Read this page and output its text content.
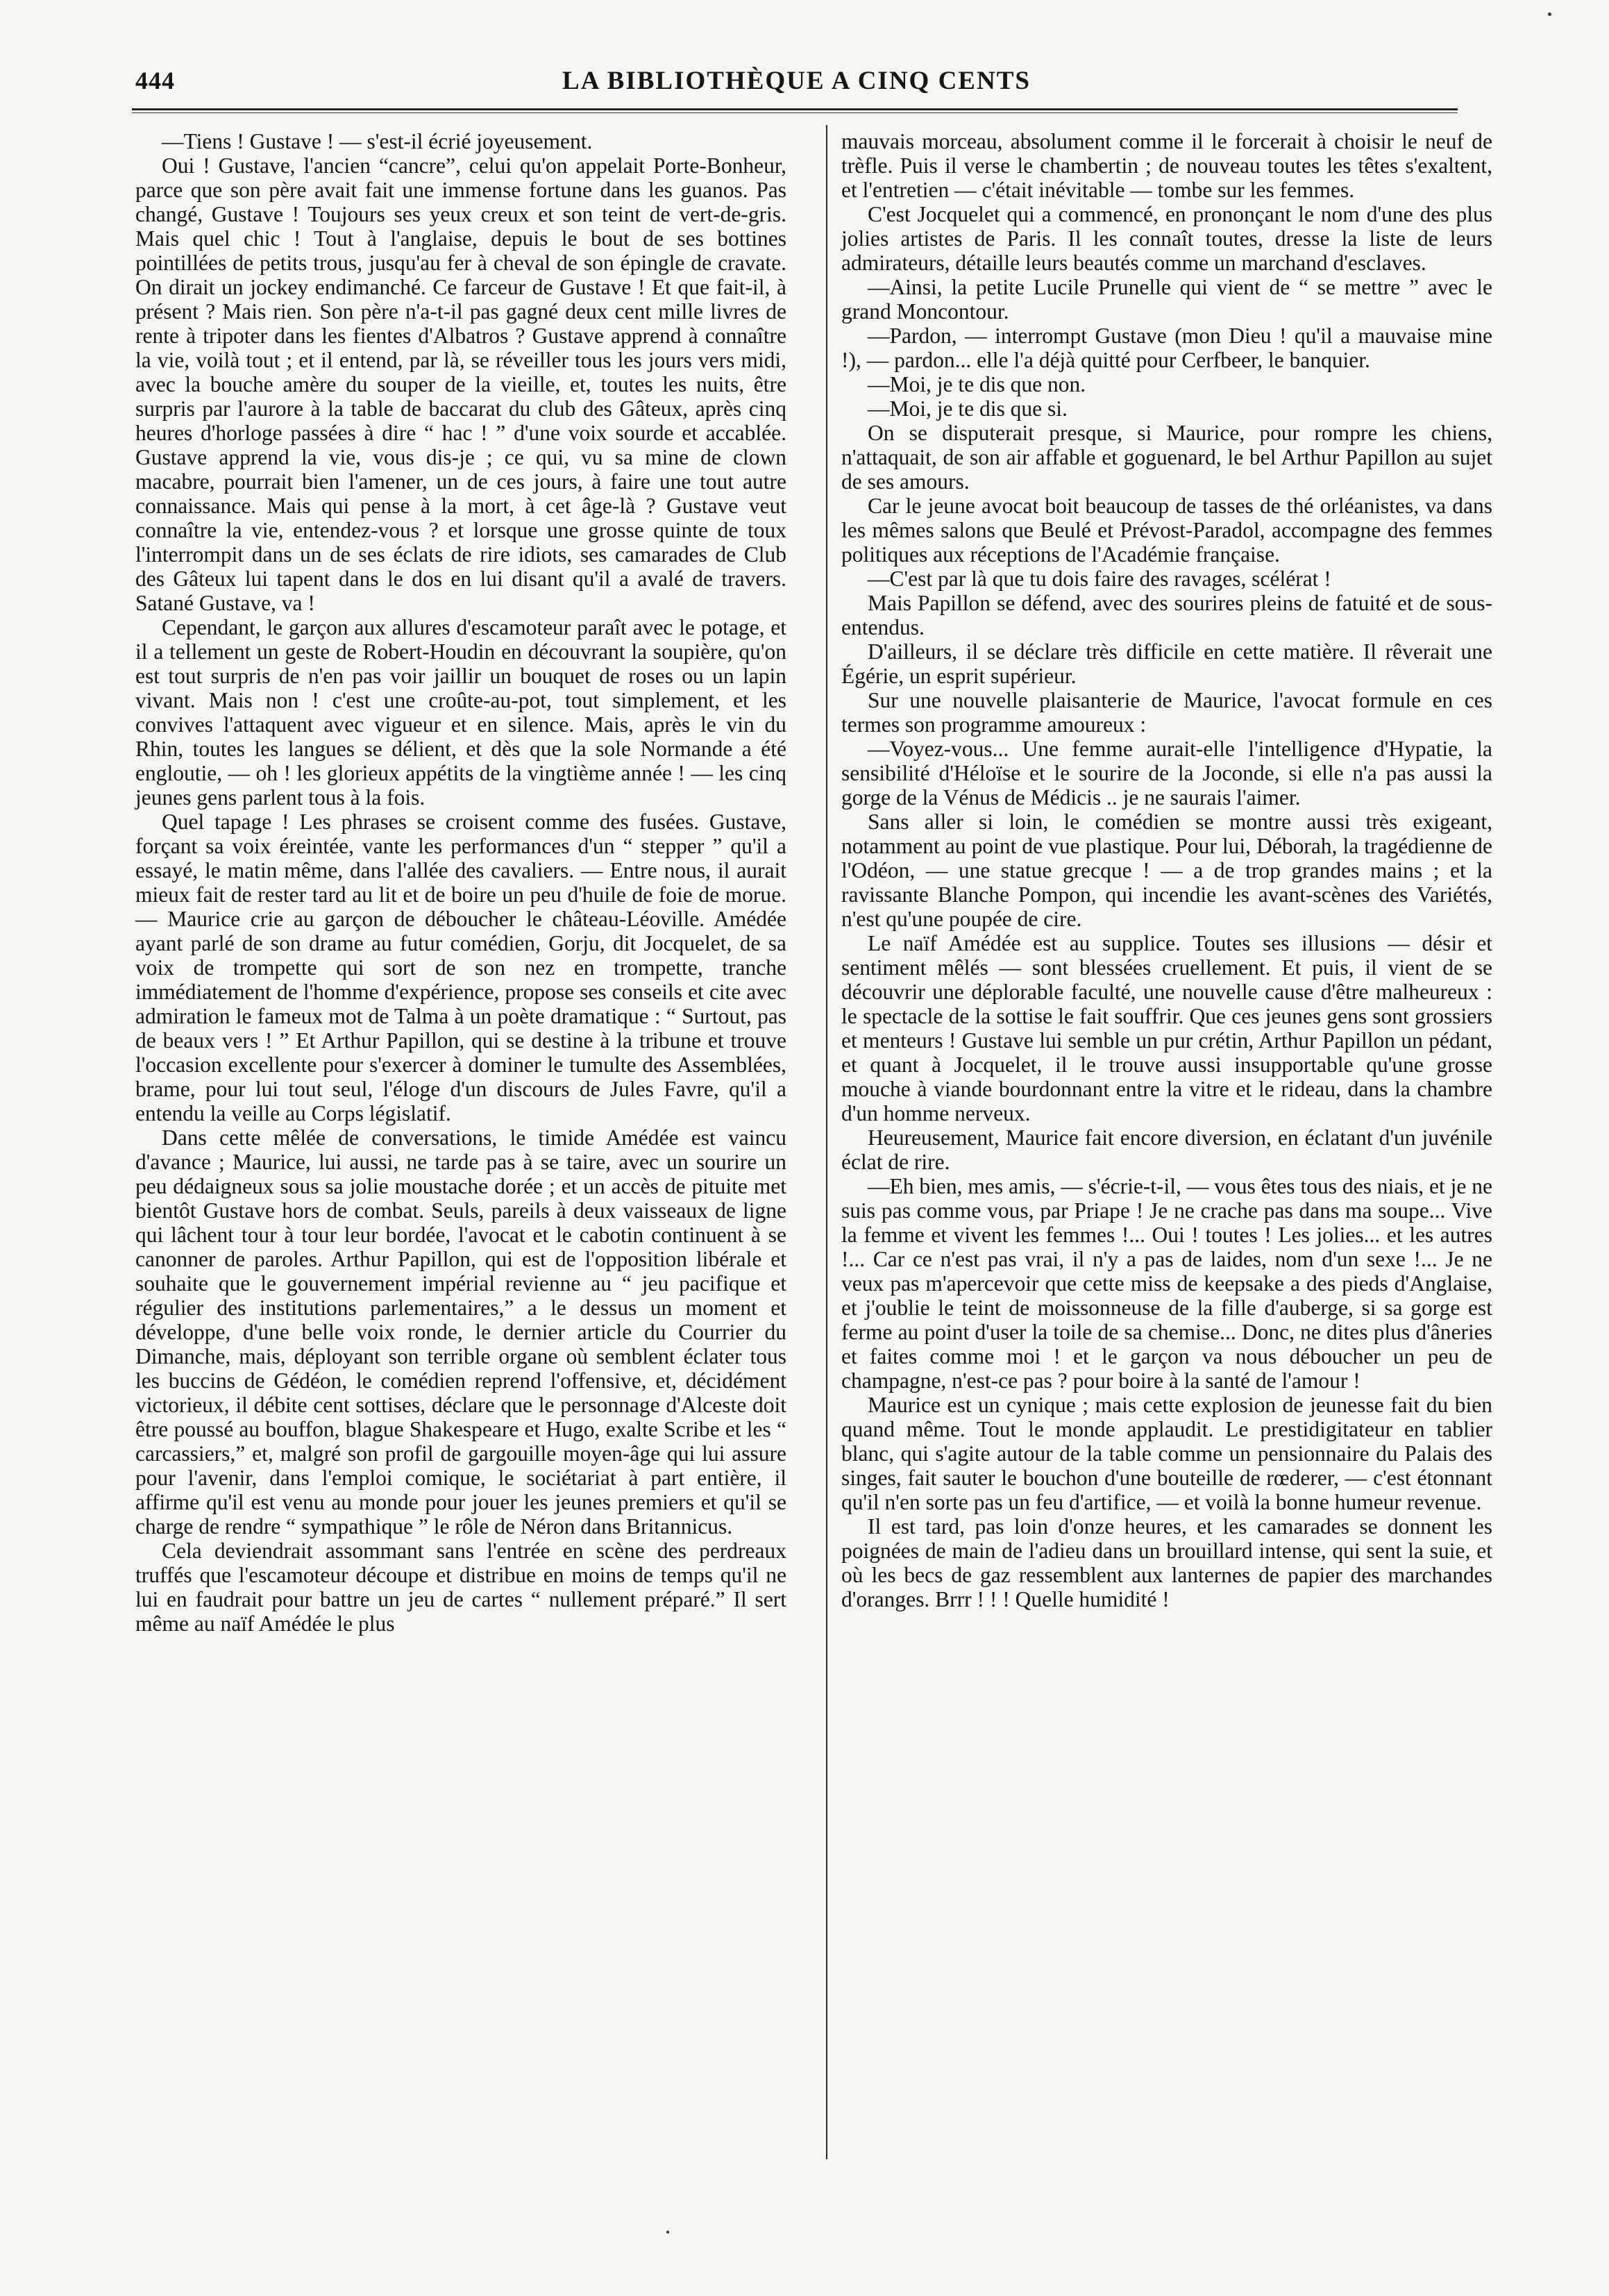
444	LA BIBLIOTHÈQUE A CINQ CENTS

—Tiens ! Gustave ! — s'est-il écrié joyeusement.

Oui ! Gustave, l'ancien “cancre”, celui qu'on appelait Porte-Bonheur, parce que son père avait fait une immense fortune dans les guanos. Pas changé, Gustave ! Toujours ses yeux creux et son teint de vert-de-gris. Mais quel chic ! Tout à l'anglaise, depuis le bout de ses bottines pointillées de petits trous, jusqu'au fer à cheval de son épingle de cravate. On dirait un jockey endimanché. Ce farceur de Gustave ! Et que fait-il, à présent ? Mais rien. Son père n'a-t-il pas gagné deux cent mille livres de rente à tripoter dans les fientes d'Albatros ? Gustave apprend à connaître la vie, voilà tout ; et il entend, par là, se réveiller tous les jours vers midi, avec la bouche amère du souper de la vieille, et, toutes les nuits, être surpris par l'aurore à la table de baccarat du club des Gâteux, après cinq heures d'horloge passées à dire “ hac ! ” d'une voix sourde et accablée. Gustave apprend la vie, vous dis-je ; ce qui, vu sa mine de clown macabre, pourrait bien l'amener, un de ces jours, à faire une tout autre connaissance. Mais qui pense à la mort, à cet âge-là ? Gustave veut connaître la vie, entendez-vous ? et lorsque une grosse quinte de toux l'interrompit dans un de ses éclats de rire idiots, ses camarades de Club des Gâteux lui tapent dans le dos en lui disant qu'il a avalé de travers. Satané Gustave, va !

Cependant, le garçon aux allures d'escamoteur paraît avec le potage, et il a tellement un geste de Robert-Houdin en découvrant la soupière, qu'on est tout surpris de n'en pas voir jaillir un bouquet de roses ou un lapin vivant. Mais non ! c'est une croûte-au-pot, tout simplement, et les convives l'attaquent avec vigueur et en silence. Mais, après le vin du Rhin, toutes les langues se délient, et dès que la sole Normande a été engloutie, — oh ! les glorieux appétits de la vingtième année ! — les cinq jeunes gens parlent tous à la fois.

Quel tapage ! Les phrases se croisent comme des fusées. Gustave, forçant sa voix éreintée, vante les performances d'un “ stepper ” qu'il a essayé, le matin même, dans l'allée des cavaliers. — Entre nous, il aurait mieux fait de rester tard au lit et de boire un peu d'huile de foie de morue. — Maurice crie au garçon de déboucher le château-Léoville. Amédée ayant parlé de son drame au futur comédien, Gorju, dit Jocquelet, de sa voix de trompette qui sort de son nez en trompette, tranche immédiatement de l'homme d'expérience, propose ses conseils et cite avec admiration le fameux mot de Talma à un poète dramatique : “ Surtout, pas de beaux vers ! ” Et Arthur Papillon, qui se destine à la tribune et trouve l'occasion excellente pour s'exercer à dominer le tumulte des Assemblées, brame, pour lui tout seul, l'éloge d'un discours de Jules Favre, qu'il a entendu la veille au Corps législatif.

Dans cette mêlée de conversations, le timide Amédée est vaincu d'avance ; Maurice, lui aussi, ne tarde pas à se taire, avec un sourire un peu dédaigneux sous sa jolie moustache dorée ; et un accès de pituite met bientôt Gustave hors de combat. Seuls, pareils à deux vaisseaux de ligne qui lâchent tour à tour leur bordée, l'avocat et le cabotin continuent à se canonner de paroles. Arthur Papillon, qui est de l'opposition libérale et souhaite que le gouvernement impérial revienne au “ jeu pacifique et régulier des institutions parlementaires,” a le dessus un moment et développe, d'une belle voix ronde, le dernier article du Courrier du Dimanche, mais, déployant son terrible organe où semblent éclater tous les buccins de Gédéon, le comédien reprend l'offensive, et, décidément victorieux, il débite cent sottises, déclare que le personnage d'Alceste doit être poussé au bouffon, blague Shakespeare et Hugo, exalte Scribe et les “ carcassiers,” et, malgré son profil de gargouille moyen-âge qui lui assure pour l'avenir, dans l'emploi comique, le sociétariat à part entière, il affirme qu'il est venu au monde pour jouer les jeunes premiers et qu'il se charge de rendre “ sympathique ” le rôle de Néron dans Britannicus.

Cela deviendrait assommant sans l'entrée en scène des perdreaux truffés que l'escamoteur découpe et distribue en moins de temps qu'il ne lui en faudrait pour battre un jeu de cartes “ nullement préparé.” Il sert même au naïf Amédée le plus

mauvais morceau, absolument comme il le forcerait à choisir le neuf de trèfle. Puis il verse le chambertin ; de nouveau toutes les têtes s'exaltent, et l'entretien — c'était inévitable — tombe sur les femmes.

C'est Jocquelet qui a commencé, en prononçant le nom d'une des plus jolies artistes de Paris. Il les connaît toutes, dresse la liste de leurs admirateurs, détaille leurs beautés comme un marchand d'esclaves.

—Ainsi, la petite Lucile Prunelle qui vient de “ se mettre ” avec le grand Moncontour.

—Pardon, — interrompt Gustave (mon Dieu ! qu'il a mauvaise mine !), — pardon... elle l'a déjà quitté pour Cerfbeer, le banquier.

—Moi, je te dis que non.

—Moi, je te dis que si.

On se disputerait presque, si Maurice, pour rompre les chiens, n'attaquait, de son air affable et goguenard, le bel Arthur Papillon au sujet de ses amours.

Car le jeune avocat boit beaucoup de tasses de thé orléanistes, va dans les mêmes salons que Beulé et Prévost-Paradol, accompagne des femmes politiques aux réceptions de l'Académie française.

—C'est par là que tu dois faire des ravages, scélérat !

Mais Papillon se défend, avec des sourires pleins de fatuité et de sous-entendus.

D'ailleurs, il se déclare très difficile en cette matière. Il rêverait une Égérie, un esprit supérieur.

Sur une nouvelle plaisanterie de Maurice, l'avocat formule en ces termes son programme amoureux :

—Voyez-vous... Une femme aurait-elle l'intelligence d'Hypatie, la sensibilité d'Héloïse et le sourire de la Joconde, si elle n'a pas aussi la gorge de la Vénus de Médicis .. je ne saurais l'aimer.

Sans aller si loin, le comédien se montre aussi très exigeant, notamment au point de vue plastique. Pour lui, Déborah, la tragédienne de l'Odéon, — une statue grecque ! — a de trop grandes mains ; et la ravissante Blanche Pompon, qui incendie les avant-scènes des Variétés, n'est qu'une poupée de cire.

Le naïf Amédée est au supplice. Toutes ses illusions — désir et sentiment mêlés — sont blessées cruellement. Et puis, il vient de se découvrir une déplorable faculté, une nouvelle cause d'être malheureux : le spectacle de la sottise le fait souffrir. Que ces jeunes gens sont grossiers et menteurs ! Gustave lui semble un pur crétin, Arthur Papillon un pédant, et quant à Jocquelet, il le trouve aussi insupportable qu'une grosse mouche à viande bourdonnant entre la vitre et le rideau, dans la chambre d'un homme nerveux.

Heureusement, Maurice fait encore diversion, en éclatant d'un juvénile éclat de rire.

—Eh bien, mes amis, — s'écrie-t-il, — vous êtes tous des niais, et je ne suis pas comme vous, par Priape ! Je ne crache pas dans ma soupe... Vive la femme et vivent les femmes !... Oui ! toutes ! Les jolies... et les autres !... Car ce n'est pas vrai, il n'y a pas de laides, nom d'un sexe !... Je ne veux pas m'apercevoir que cette miss de keepsake a des pieds d'Anglaise, et j'oublie le teint de moissonneuse de la fille d'auberge, si sa gorge est ferme au point d'user la toile de sa chemise... Donc, ne dites plus d'âneries et faites comme moi ! et le garçon va nous déboucher un peu de champagne, n'est-ce pas ? pour boire à la santé de l'amour !

Maurice est un cynique ; mais cette explosion de jeunesse fait du bien quand même. Tout le monde applaudit. Le prestidigitateur en tablier blanc, qui s'agite autour de la table comme un pensionnaire du Palais des singes, fait sauter le bouchon d'une bouteille de rœderer, — c'est étonnant qu'il n'en sorte pas un feu d'artifice, — et voilà la bonne humeur revenue.

Il est tard, pas loin d'onze heures, et les camarades se donnent les poignées de main de l'adieu dans un brouillard intense, qui sent la suie, et où les becs de gaz ressemblent aux lanternes de papier des marchandes d'oranges. Brrr ! ! ! Quelle humidité !
